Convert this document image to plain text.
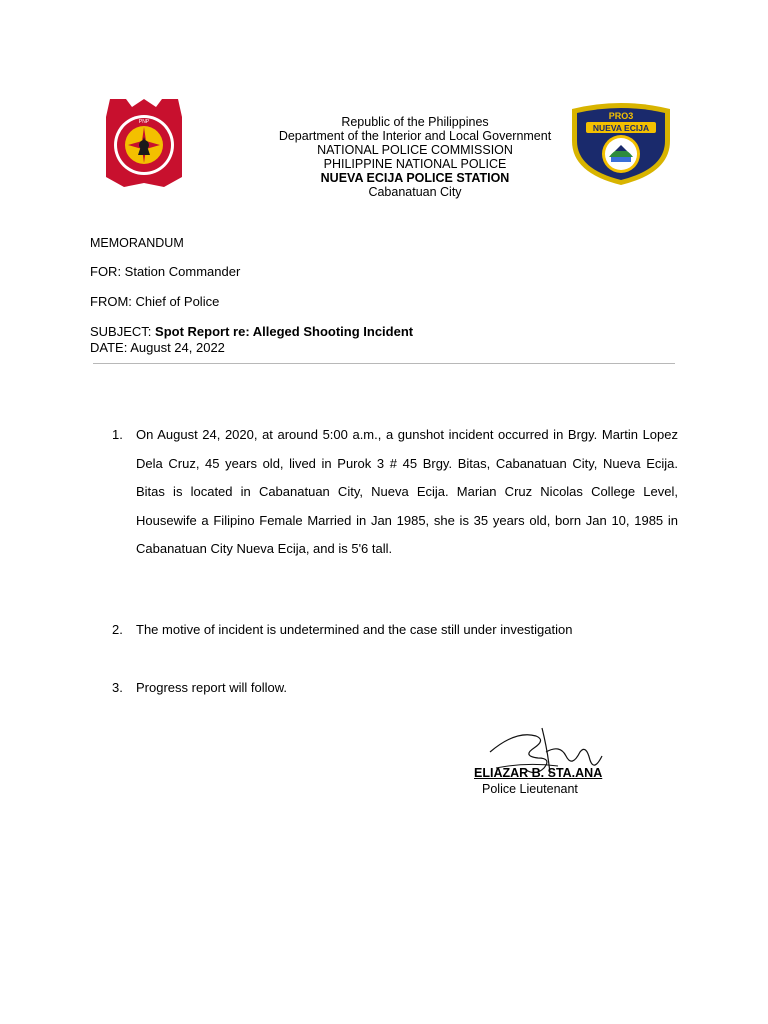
PNP
PRO3
NUEVA ECIJA
Republic of the Philippines
Department of the Interior and Local Government
NATIONAL POLICE COMMISSION
PHILIPPINE NATIONAL POLICE
NUEVA ECIJA POLICE STATION
Cabanatuan City
MEMORANDUM
FOR: Station Commander
FROM: Chief of Police
SUBJECT: Spot Report re: Alleged Shooting Incident
DATE: August 24, 2022
1. On August 24, 2020, at around 5:00 a.m., a gunshot incident occurred in Brgy. Martin Lopez Dela Cruz, 45 years old, lived in Purok 3 # 45 Brgy. Bitas, Cabanatuan City, Nueva Ecija. Bitas is located in Cabanatuan City, Nueva Ecija. Marian Cruz Nicolas College Level, Housewife a Filipino Female Married in Jan 1985, she is 35 years old, born Jan 10, 1985 in Cabanatuan City Nueva Ecija, and is 5'6 tall.
2. The motive of incident is undetermined and the case still under investigation
3. Progress report will follow.
ELIAZAR B. STA.ANA
Police Lieutenant
